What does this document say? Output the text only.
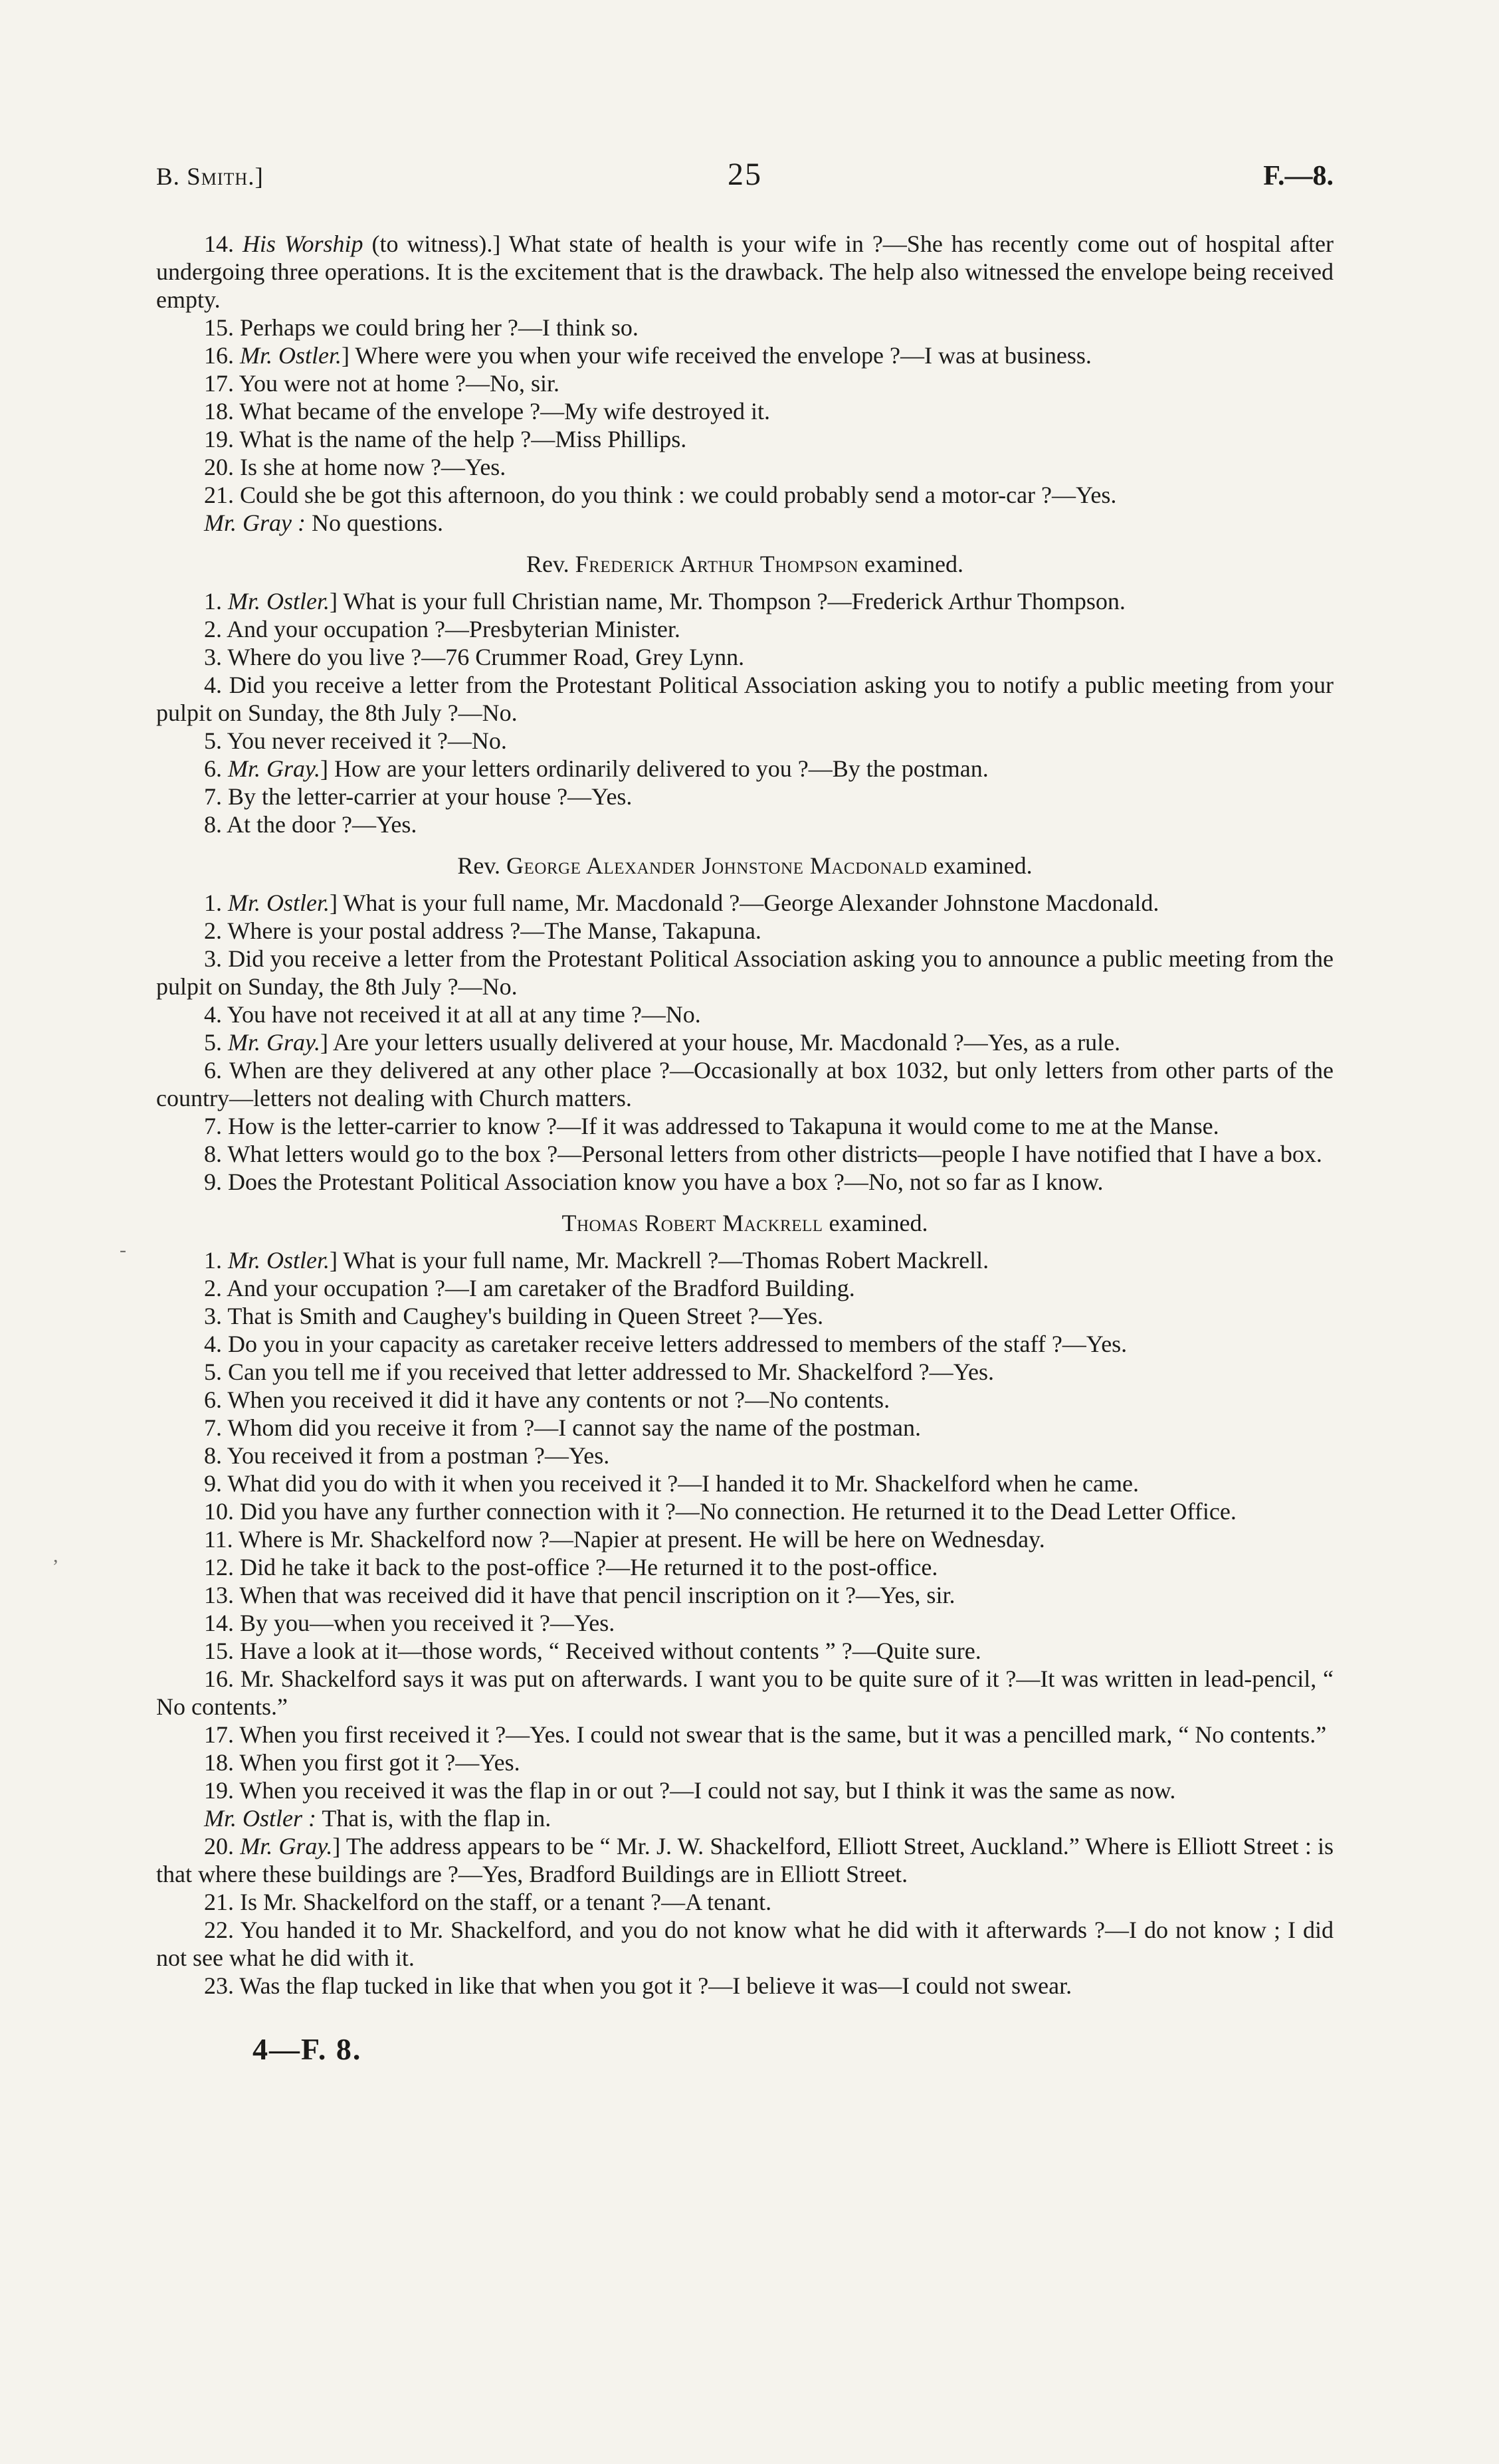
B. Smith.]	25	F.—8.

14. His Worship (to witness).] What state of health is your wife in ?—She has recently come out of hospital after undergoing three operations. It is the excitement that is the drawback. The help also witnessed the envelope being received empty.

15. Perhaps we could bring her ?—I think so.

16. Mr. Ostler.] Where were you when your wife received the envelope ?—I was at business.

17. You were not at home ?—No, sir.

18. What became of the envelope ?—My wife destroyed it.

19. What is the name of the help ?—Miss Phillips.

20. Is she at home now ?—Yes.

21. Could she be got this afternoon, do you think : we could probably send a motor-car ?—Yes.

Mr. Gray : No questions.

Rev. Frederick Arthur Thompson examined.

1. Mr. Ostler.] What is your full Christian name, Mr. Thompson ?—Frederick Arthur Thompson.

2. And your occupation ?—Presbyterian Minister.

3. Where do you live ?—76 Crummer Road, Grey Lynn.

4. Did you receive a letter from the Protestant Political Association asking you to notify a public meeting from your pulpit on Sunday, the 8th July ?—No.

5. You never received it ?—No.

6. Mr. Gray.] How are your letters ordinarily delivered to you ?—By the postman.

7. By the letter-carrier at your house ?—Yes.

8. At the door ?—Yes.

Rev. George Alexander Johnstone Macdonald examined.

1. Mr. Ostler.] What is your full name, Mr. Macdonald ?—George Alexander Johnstone Macdonald.

2. Where is your postal address ?—The Manse, Takapuna.

3. Did you receive a letter from the Protestant Political Association asking you to announce a public meeting from the pulpit on Sunday, the 8th July ?—No.

4. You have not received it at all at any time ?—No.

5. Mr. Gray.] Are your letters usually delivered at your house, Mr. Macdonald ?—Yes, as a rule.

6. When are they delivered at any other place ?—Occasionally at box 1032, but only letters from other parts of the country—letters not dealing with Church matters.

7. How is the letter-carrier to know ?—If it was addressed to Takapuna it would come to me at the Manse.

8. What letters would go to the box ?—Personal letters from other districts—people I have notified that I have a box.

9. Does the Protestant Political Association know you have a box ?—No, not so far as I know.

Thomas Robert Mackrell examined.

1. Mr. Ostler.] What is your full name, Mr. Mackrell ?—Thomas Robert Mackrell.

2. And your occupation ?—I am caretaker of the Bradford Building.

3. That is Smith and Caughey's building in Queen Street ?—Yes.

4. Do you in your capacity as caretaker receive letters addressed to members of the staff ?—Yes.

5. Can you tell me if you received that letter addressed to Mr. Shackelford ?—Yes.

6. When you received it did it have any contents or not ?—No contents.

7. Whom did you receive it from ?—I cannot say the name of the postman.

8. You received it from a postman ?—Yes.

9. What did you do with it when you received it ?—I handed it to Mr. Shackelford when he came.

10. Did you have any further connection with it ?—No connection. He returned it to the Dead Letter Office.

11. Where is Mr. Shackelford now ?—Napier at present. He will be here on Wednesday.

12. Did he take it back to the post-office ?—He returned it to the post-office.

13. When that was received did it have that pencil inscription on it ?—Yes, sir.

14. By you—when you received it ?—Yes.

15. Have a look at it—those words, “ Received without contents ” ?—Quite sure.

16. Mr. Shackelford says it was put on afterwards. I want you to be quite sure of it ?—It was written in lead-pencil, “ No contents.”

17. When you first received it ?—Yes. I could not swear that is the same, but it was a pencilled mark, “ No contents.”

18. When you first got it ?—Yes.

19. When you received it was the flap in or out ?—I could not say, but I think it was the same as now.

Mr. Ostler : That is, with the flap in.

20. Mr. Gray.] The address appears to be “ Mr. J. W. Shackelford, Elliott Street, Auckland.” Where is Elliott Street : is that where these buildings are ?—Yes, Bradford Buildings are in Elliott Street.

21. Is Mr. Shackelford on the staff, or a tenant ?—A tenant.

22. You handed it to Mr. Shackelford, and you do not know what he did with it afterwards ?—I do not know ; I did not see what he did with it.

23. Was the flap tucked in like that when you got it ?—I believe it was—I could not swear.

4—F. 8.
-
,
